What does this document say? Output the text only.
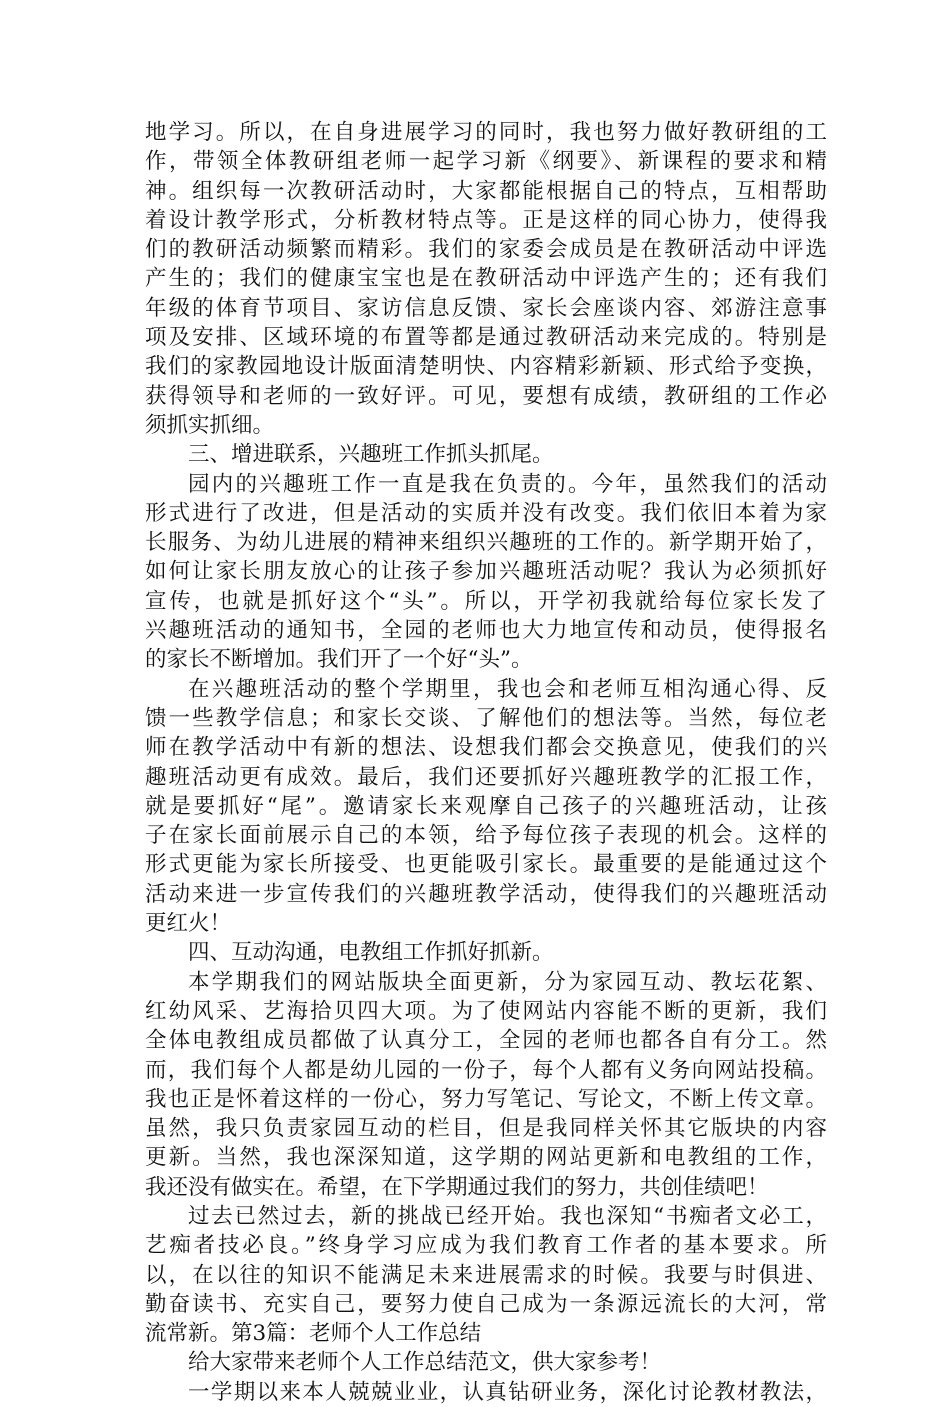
地学习。所以，在自身进展学习的同时，我也努力做好教研组的工
作，带领全体教研组老师一起学习新《纲要》、新课程的要求和精
神。组织每一次教研活动时，大家都能根据自己的特点，互相帮助
着设计教学形式，分析教材特点等。正是这样的同心协力，使得我
们的教研活动频繁而精彩。我们的家委会成员是在教研活动中评选
产生的；我们的健康宝宝也是在教研活动中评选产生的；还有我们
年级的体育节项目、家访信息反馈、家长会座谈内容、郊游注意事
项及安排、区域环境的布置等都是通过教研活动来完成的。特别是
我们的家教园地设计版面清楚明快、内容精彩新颖、形式给予变换，
获得领导和老师的一致好评。可见，要想有成绩，教研组的工作必
须抓实抓细。
三、增进联系，兴趣班工作抓头抓尾。
园内的兴趣班工作一直是我在负责的。今年，虽然我们的活动
形式进行了改进，但是活动的实质并没有改变。我们依旧本着为家
长服务、为幼儿进展的精神来组织兴趣班的工作的。新学期开始了，
如何让家长朋友放心的让孩子参加兴趣班活动呢？我认为必须抓好
宣传，也就是抓好这个“头”。所以，开学初我就给每位家长发了
兴趣班活动的通知书，全园的老师也大力地宣传和动员，使得报名
的家长不断增加。我们开了一个好“头”。
在兴趣班活动的整个学期里，我也会和老师互相沟通心得、反
馈一些教学信息；和家长交谈、了解他们的想法等。当然，每位老
师在教学活动中有新的想法、设想我们都会交换意见，使我们的兴
趣班活动更有成效。最后，我们还要抓好兴趣班教学的汇报工作，
就是要抓好“尾”。邀请家长来观摩自己孩子的兴趣班活动，让孩
子在家长面前展示自己的本领，给予每位孩子表现的机会。这样的
形式更能为家长所接受、也更能吸引家长。最重要的是能通过这个
活动来进一步宣传我们的兴趣班教学活动，使得我们的兴趣班活动
更红火！
四、互动沟通，电教组工作抓好抓新。
本学期我们的网站版块全面更新，分为家园互动、教坛花絮、
红幼风采、艺海拾贝四大项。为了使网站内容能不断的更新，我们
全体电教组成员都做了认真分工，全园的老师也都各自有分工。然
而，我们每个人都是幼儿园的一份子，每个人都有义务向网站投稿。
我也正是怀着这样的一份心，努力写笔记、写论文，不断上传文章。
虽然，我只负责家园互动的栏目，但是我同样关怀其它版块的内容
更新。当然，我也深深知道，这学期的网站更新和电教组的工作，
我还没有做实在。希望，在下学期通过我们的努力，共创佳绩吧！
过去已然过去，新的挑战已经开始。我也深知“书痴者文必工，
艺痴者技必良。”终身学习应成为我们教育工作者的基本要求。所
以，在以往的知识不能满足未来进展需求的时候。我要与时俱进、
勤奋读书、充实自己，要努力使自己成为一条源远流长的大河，常
流常新。第3篇：老师个人工作总结
给大家带来老师个人工作总结范文，供大家参考！
一学期以来本人兢兢业业，认真钻研业务，深化讨论教材教法，
